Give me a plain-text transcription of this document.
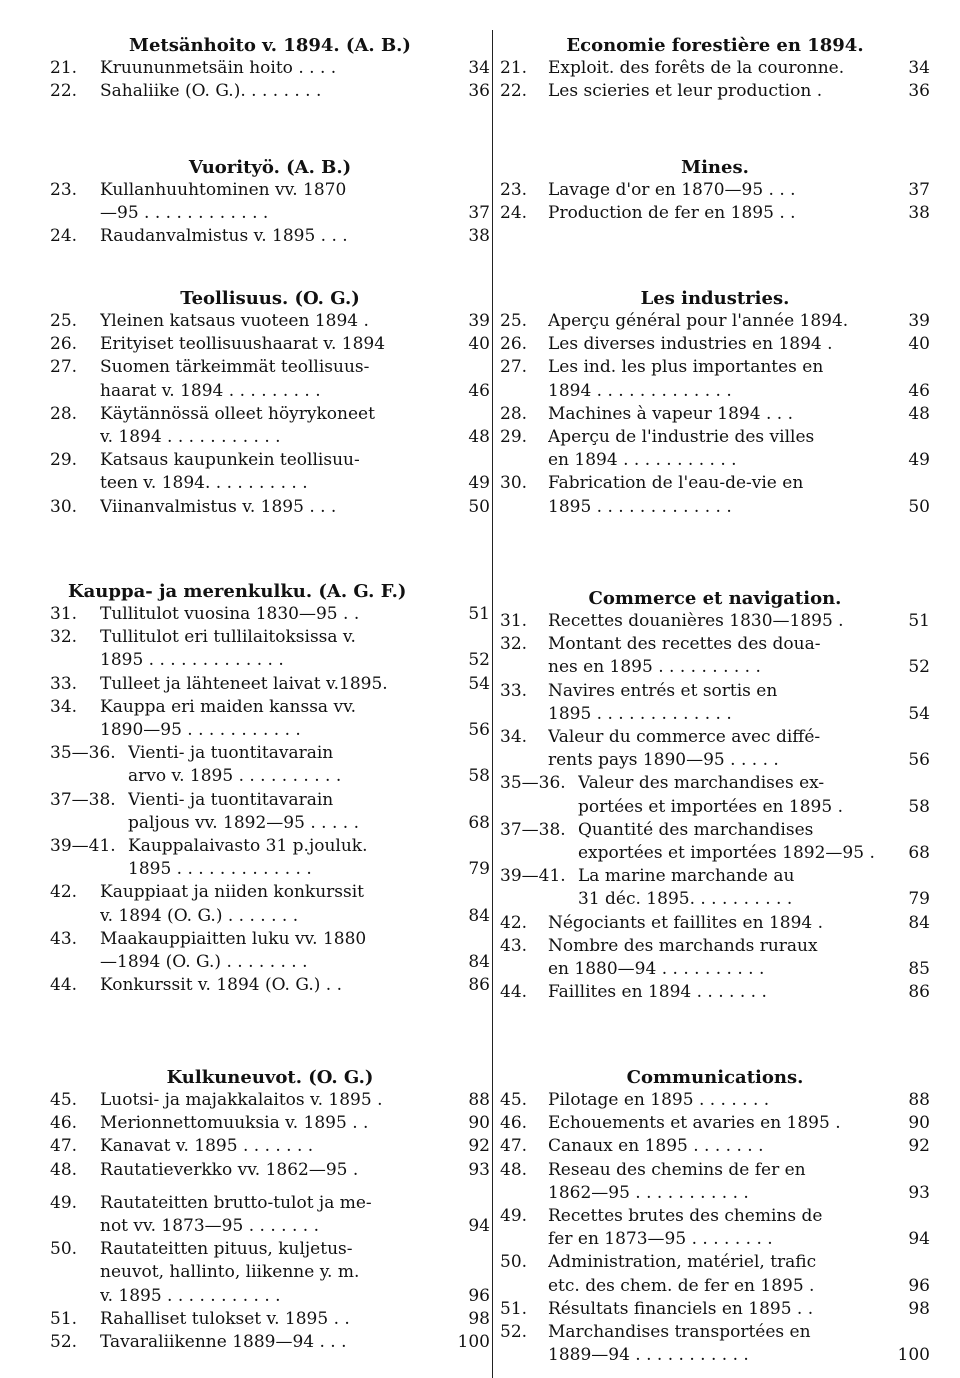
Metsänhoito v. 1894. (A. B.)
21.	Kruununmetsäin hoito . . . .	34
22.	Sahaliike (O. G.). . . . . . . .	36
Vuorityö. (A. B.)
23.	Kullanhuuhtominen vv. 1870
—95 . . . . . . . . . . . .	37
24.	Raudanvalmistus v. 1895 . . .	38
Teollisuus. (O. G.)
25.	Yleinen katsaus vuoteen 1894 .	39
26.	Erityiset teollisuushaarat v. 1894	40
27.	Suomen tärkeimmät teollisuus-
haarat v. 1894 . . . . . . . . .	46
28.	Käytännössä olleet höyrykoneet
v. 1894 . . . . . . . . . . .	48
29.	Katsaus kaupunkein teollisuu-
teen v. 1894. . . . . . . . . .	49
30.	Viinanvalmistus v. 1895 . . .	50
Kauppa- ja merenkulku. (A. G. F.)
31.	Tullitulot vuosina 1830—95 . .	51
32.	Tullitulot eri tullilaitoksissa v.
1895 . . . . . . . . . . . . .	52
33.	Tulleet ja lähteneet laivat v.1895.	54
34.	Kauppa eri maiden kanssa vv.
1890—95 . . . . . . . . . . .	56
35—36. Vienti- ja tuontitavarain
arvo v. 1895 . . . . . . . . . .	58
37—38. Vienti- ja tuontitavarain
paljous vv. 1892—95 . . . . .	68
39—41. Kauppalaivasto 31 p.jouluk.
1895 . . . . . . . . . . . . .	79
42.	Kauppiaat ja niiden konkurssit
v. 1894 (O. G.) . . . . . . .	84
43.	Maakauppiaitten luku vv. 1880
—1894 (O. G.) . . . . . . . .	84
44.	Konkurssit v. 1894 (O. G.) . .	86
Kulkuneuvot. (O. G.)
45.	Luotsi- ja majakkalaitos v. 1895 .	88
46.	Merionnettomuuksia v. 1895 . .	90
47.	Kanavat v. 1895 . . . . . . .	92
48.	Rautatieverkko vv. 1862—95 .	93
49.	Rautateitten brutto-tulot ja me-
not vv. 1873—95 . . . . . . .	94
50.	Rautateitten pituus, kuljetus-
neuvot, hallinto, liikenne y. m.
v. 1895 . . . . . . . . . . .	96
51.	Rahalliset tulokset v. 1895 . .	98
52.	Tavaraliikenne 1889—94 . . .	100
Economie forestière en 1894.
21.	Exploit. des forêts de la couronne.	34
22.	Les scieries et leur production .	36
Mines.
23.	Lavage d'or en 1870—95 . . .	37
24.	Production de fer en 1895 . .	38
Les industries.
25.	Aperçu général pour l'année 1894.	39
26.	Les diverses industries en 1894 .	40
27.	Les ind. les plus importantes en
1894 . . . . . . . . . . . . .	46
28.	Machines à vapeur 1894 . . .	48
29.	Aperçu de l'industrie des villes
en 1894 . . . . . . . . . . .	49
30.	Fabrication de l'eau-de-vie en
1895 . . . . . . . . . . . . .	50
Commerce et navigation.
31.	Recettes douanières 1830—1895 .	51
32.	Montant des recettes des doua-
nes en 1895 . . . . . . . . . .	52
33.	Navires entrés et sortis en
1895 . . . . . . . . . . . . .	54
34.	Valeur du commerce avec diffé-
rents pays 1890—95 . . . . .	56
35—36. Valeur des marchandises ex-
portées et importées en 1895 .	58
37—38. Quantité des marchandises
exportées et importées 1892—95 .	68
39—41. La marine marchande au
31 déc. 1895. . . . . . . . . .	79
42.	Négociants et faillites en 1894 .	84
43.	Nombre des marchands ruraux
en 1880—94 . . . . . . . . . .	85
44.	Faillites en 1894 . . . . . . .	86
Communications.
45.	Pilotage en 1895 . . . . . . .	88
46.	Echouements et avaries en 1895 .	90
47.	Canaux en 1895 . . . . . . .	92
48.	Reseau des chemins de fer en
1862—95 . . . . . . . . . . .	93
49.	Recettes brutes des chemins de
fer en 1873—95 . . . . . . . .	94
50.	Administration, matériel, trafic
etc. des chem. de fer en 1895 .	96
51.	Résultats financiels en 1895 . .	98
52.	Marchandises transportées en
1889—94 . . . . . . . . . . .	100
